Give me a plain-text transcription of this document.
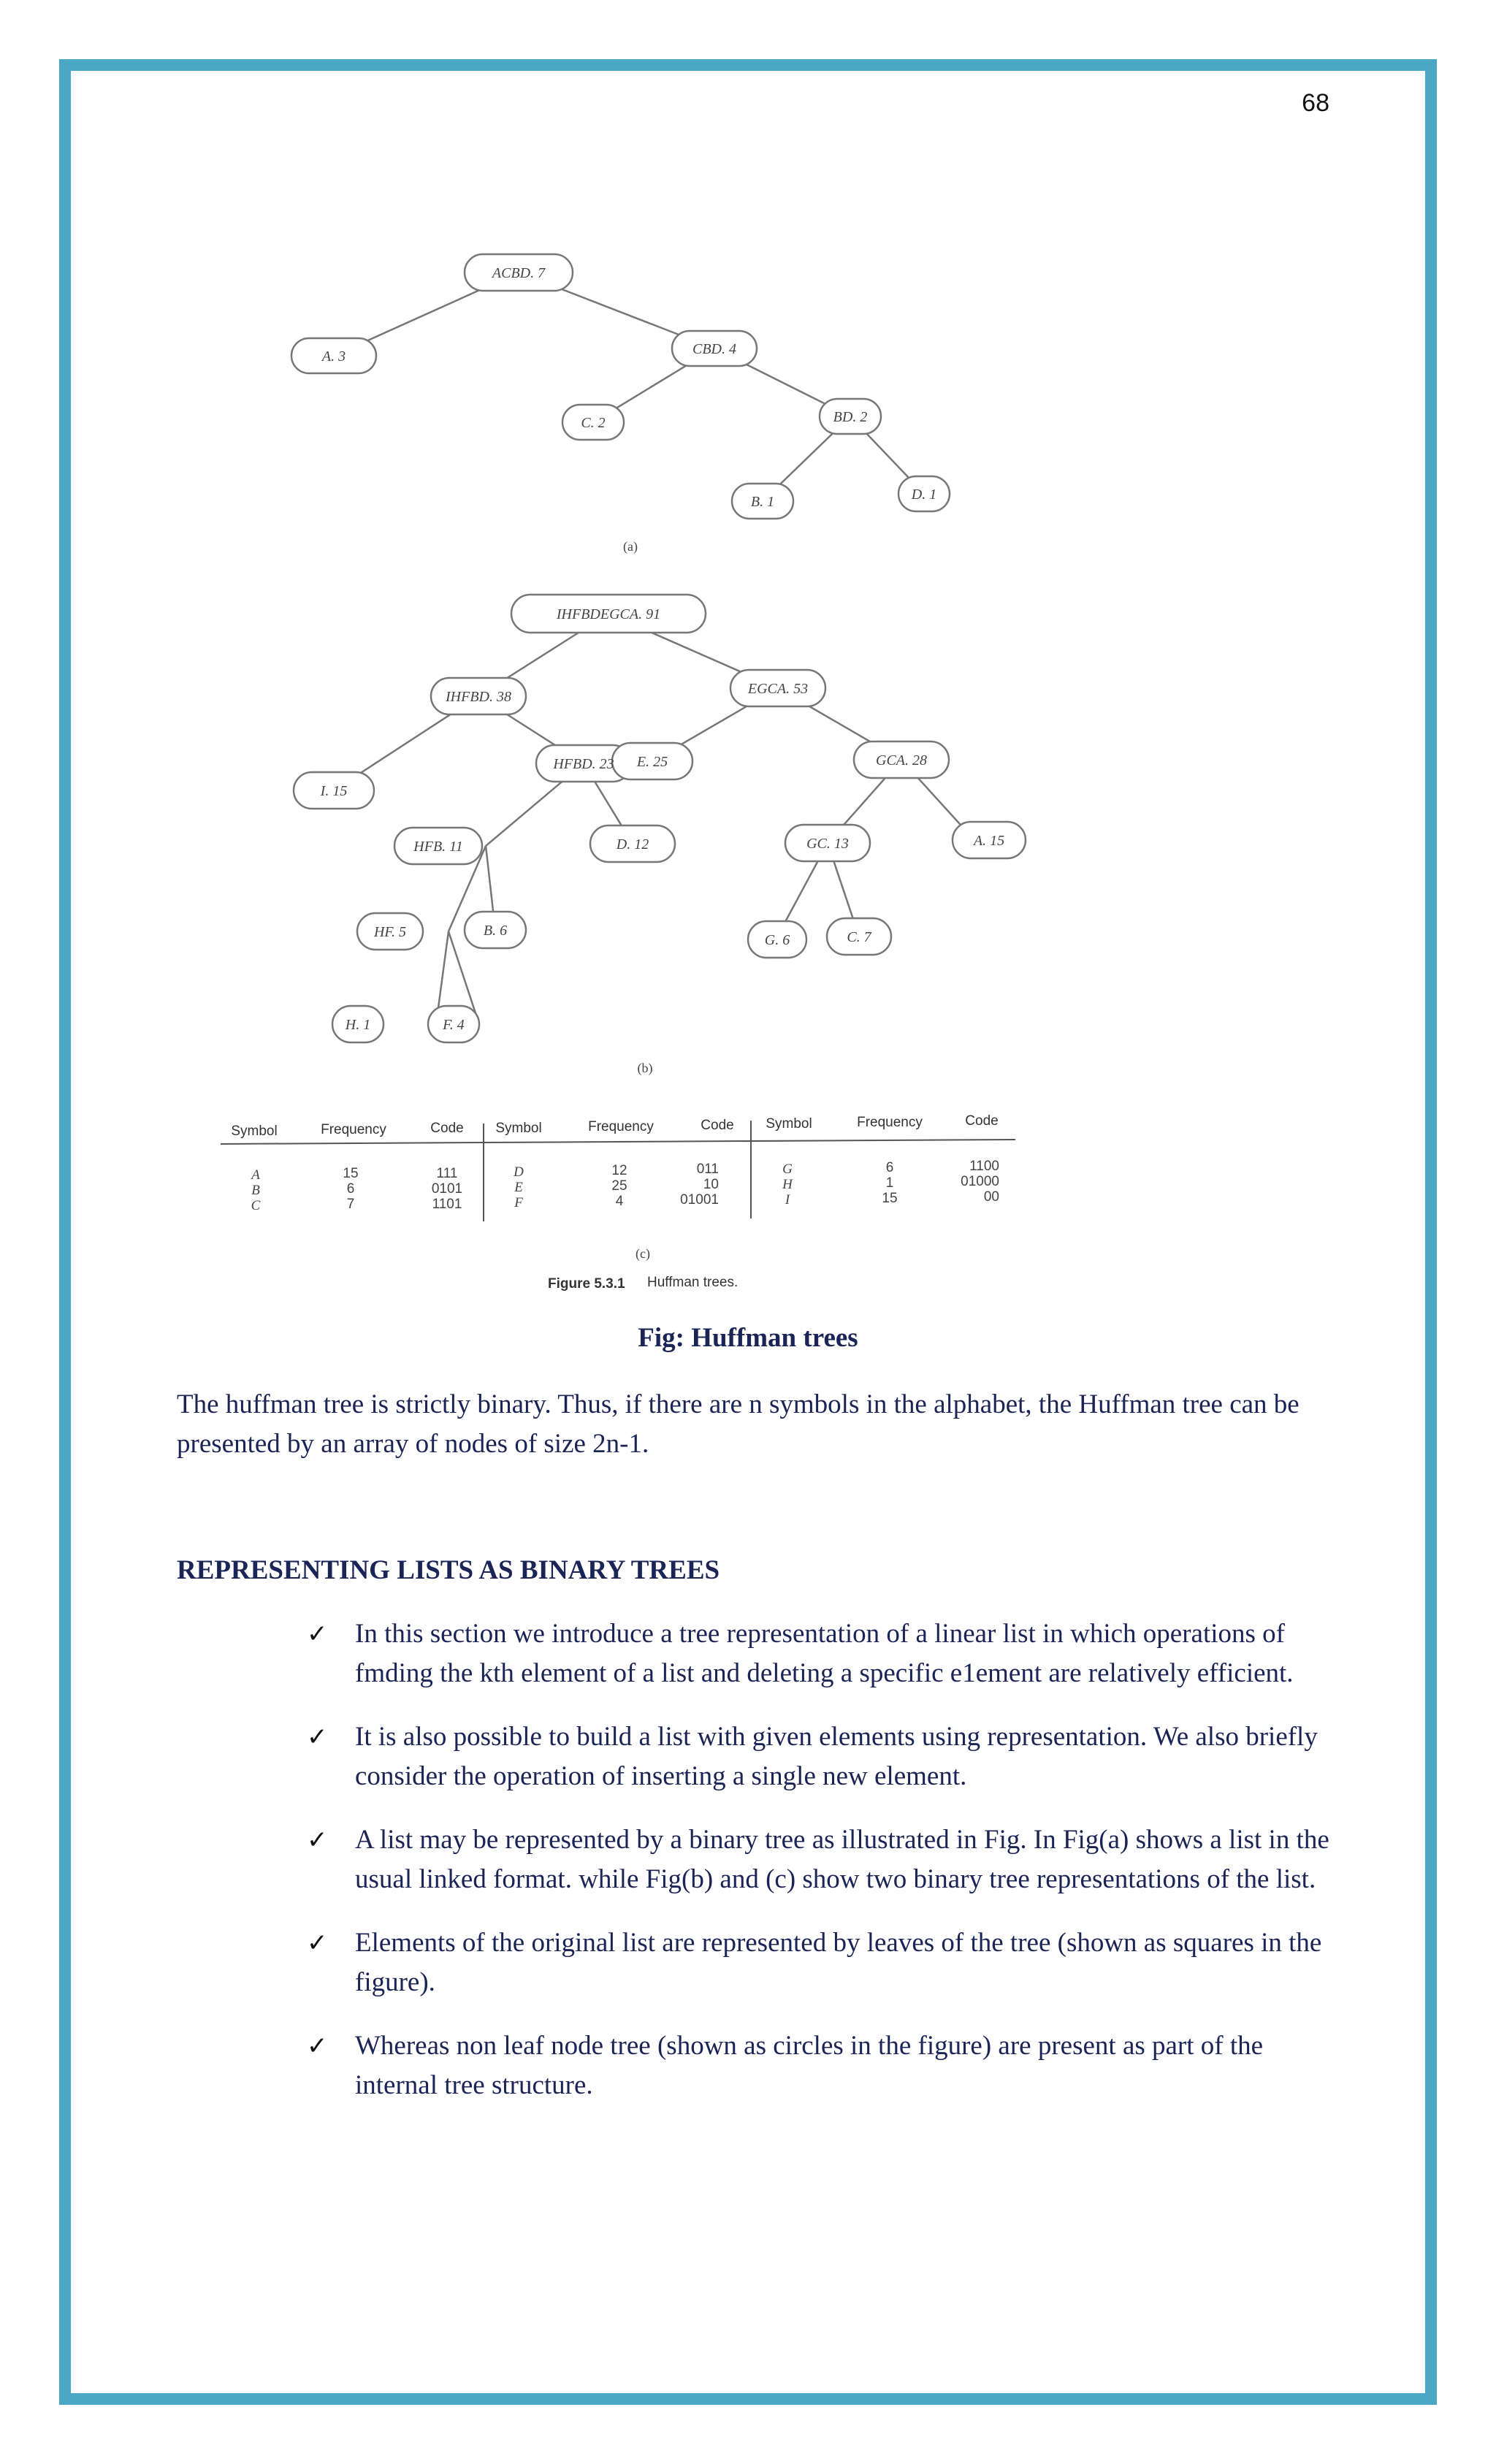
68
ACBD. 7
A. 3	CBD. 4
C. 2	BD. 2
B. 1	D. 1
(a)
IHFBDEGCA. 91
IHFBD. 38	EGCA. 53
I. 15
HFBD. 23 E. 25	GCA. 28
HFB. 11	D. 12	GC. 13	A. 15
HF. 5	B. 6
G. 6	C. 7
H. 1	F. 4
(b)
Symbol	Frequency	Code Symbol	Frequency	Code Symbol	Frequency	Code
A	15	111	D	12	011	G	6	1100
B	6	0101	E	25	10	H	1	01000
C	7	1101	F	4	01001	I	15	00
(c)
Figure 5.3.1 Huffman trees.
Fig: Huffman trees
The huffman tree is strictly binary. Thus, if there are n symbols in the alphabet, the Huffman tree can be presented by an array of nodes of size 2n-1.
REPRESENTING LISTS AS BINARY TREES
✓ In this section we introduce a tree representation of a linear list in which operations of fmding the kth element of a list and deleting a specific e1ement are relatively efficient.
✓ It is also possible to build a list with given elements using representation. We also briefly consider the operation of inserting a single new element.
✓ A list may be represented by a binary tree as illustrated in Fig. In Fig(a) shows a list in the usual linked format. while Fig(b) and (c) show two binary tree representations of the list.
✓ Elements of the original list are represented by leaves of the tree (shown as squares in the figure).
✓ Whereas non leaf node tree (shown as circles in the figure) are present as part of the internal tree structure.
